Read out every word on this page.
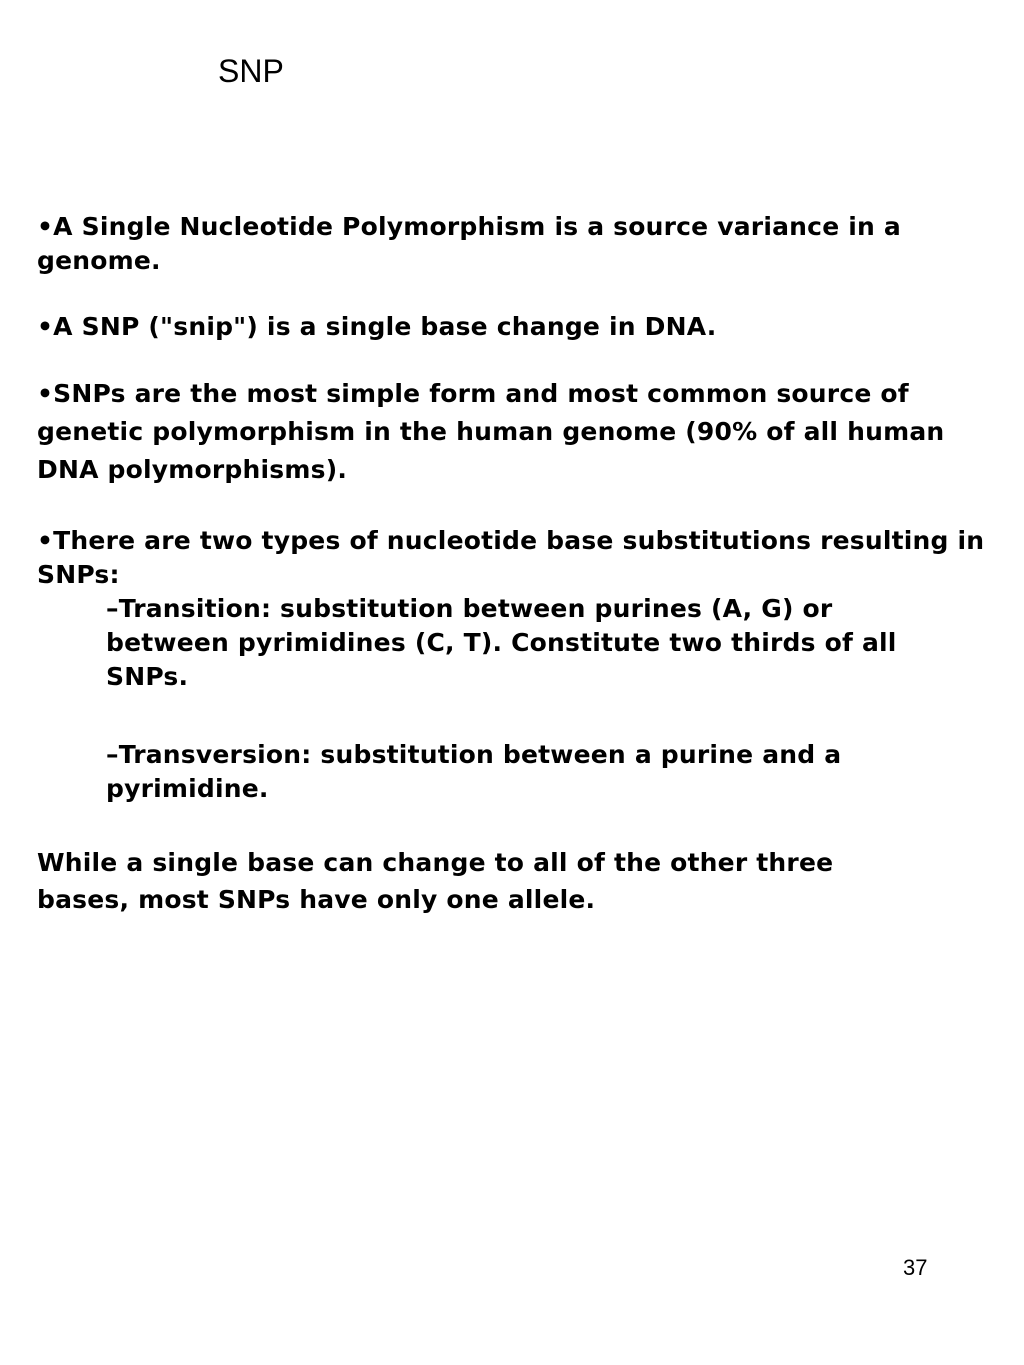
SNP

•A Single Nucleotide Polymorphism is a source variance in a genome.

•A SNP ("snip") is a single base change in DNA.

•SNPs are the most simple form and most common source of genetic polymorphism in the human genome (90% of all human DNA polymorphisms).

•There are two types of nucleotide base substitutions resulting in SNPs:

–Transition: substitution between purines (A, G) or between pyrimidines (C, T). Constitute two thirds of all SNPs.

–Transversion: substitution between a purine and a pyrimidine.

While a single base can change to all of the other three bases, most SNPs have only one allele.

37
